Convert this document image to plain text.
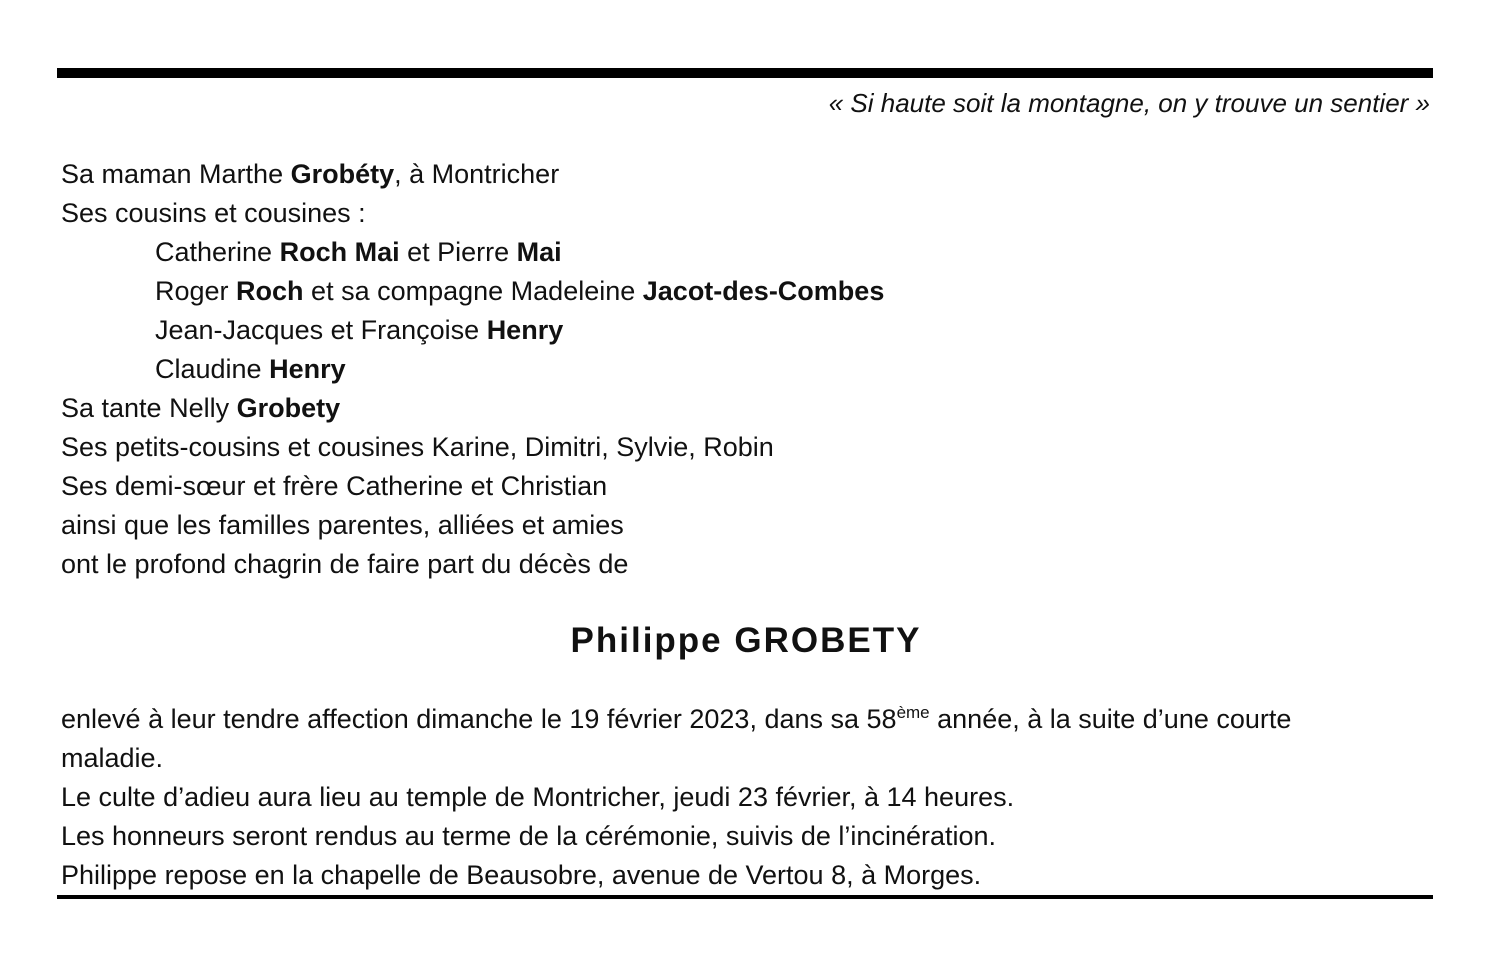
« Si haute soit la montagne, on y trouve un sentier »
Sa maman Marthe Grobéty, à Montricher
Ses cousins et cousines :
Catherine Roch Mai et Pierre Mai
Roger Roch et sa compagne Madeleine Jacot-des-Combes
Jean-Jacques et Françoise Henry
Claudine Henry
Sa tante Nelly Grobety
Ses petits-cousins et cousines Karine, Dimitri, Sylvie, Robin
Ses demi-sœur et frère Catherine et Christian
ainsi que les familles parentes, alliées et amies
ont le profond chagrin de faire part du décès de
Philippe GROBETY
enlevé à leur tendre affection dimanche le 19 février 2023, dans sa 58ème année, à la suite d’une courte
maladie.
Le culte d’adieu aura lieu au temple de Montricher, jeudi 23 février, à 14 heures.
Les honneurs seront rendus au terme de la cérémonie, suivis de l’incinération.
Philippe repose en la chapelle de Beausobre, avenue de Vertou 8, à Morges.
